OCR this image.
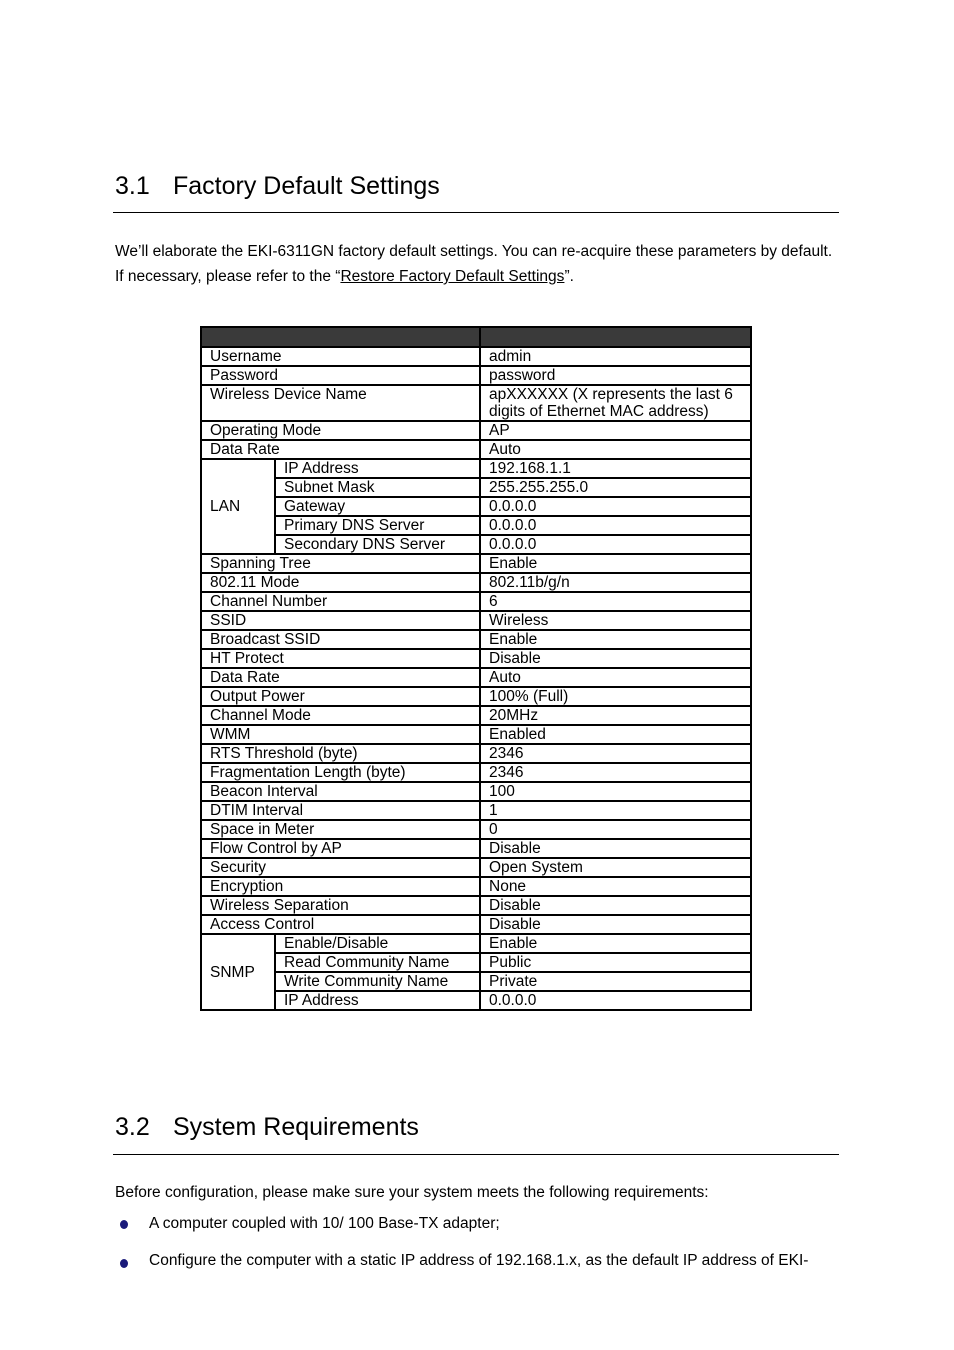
3.1 Factory Default Settings

We’ll elaborate the EKI-6311GN factory default settings. You can re-acquire these parameters by default. If necessary, please refer to the “Restore Factory Default Settings”.

Username		admin
Password		password
Wireless Device Name		apXXXXXX (X represents the last 6 digits of Ethernet MAC address)
Operating Mode		AP
Data Rate		Auto
LAN	IP Address	192.168.1.1
	Subnet Mask	255.255.255.0
	Gateway	0.0.0.0
	Primary DNS Server	0.0.0.0
	Secondary DNS Server	0.0.0.0
Spanning Tree		Enable
802.11 Mode		802.11b/g/n
Channel Number		6
SSID		Wireless
Broadcast SSID		Enable
HT Protect		Disable
Data Rate		Auto
Output Power		100% (Full)
Channel Mode		20MHz
WMM		Enabled
RTS Threshold (byte)		2346
Fragmentation Length (byte)		2346
Beacon Interval		100
DTIM Interval		1
Space in Meter		0
Flow Control by AP		Disable
Security		Open System
Encryption		None
Wireless Separation		Disable
Access Control		Disable
SNMP	Enable/Disable	Enable
	Read Community Name	Public
	Write Community Name	Private
	IP Address	0.0.0.0
3.2 System Requirements

Before configuration, please make sure your system meets the following requirements:

A computer coupled with 10/ 100 Base-TX adapter;

Configure the computer with a static IP address of 192.168.1.x, as the default IP address of EKI-
